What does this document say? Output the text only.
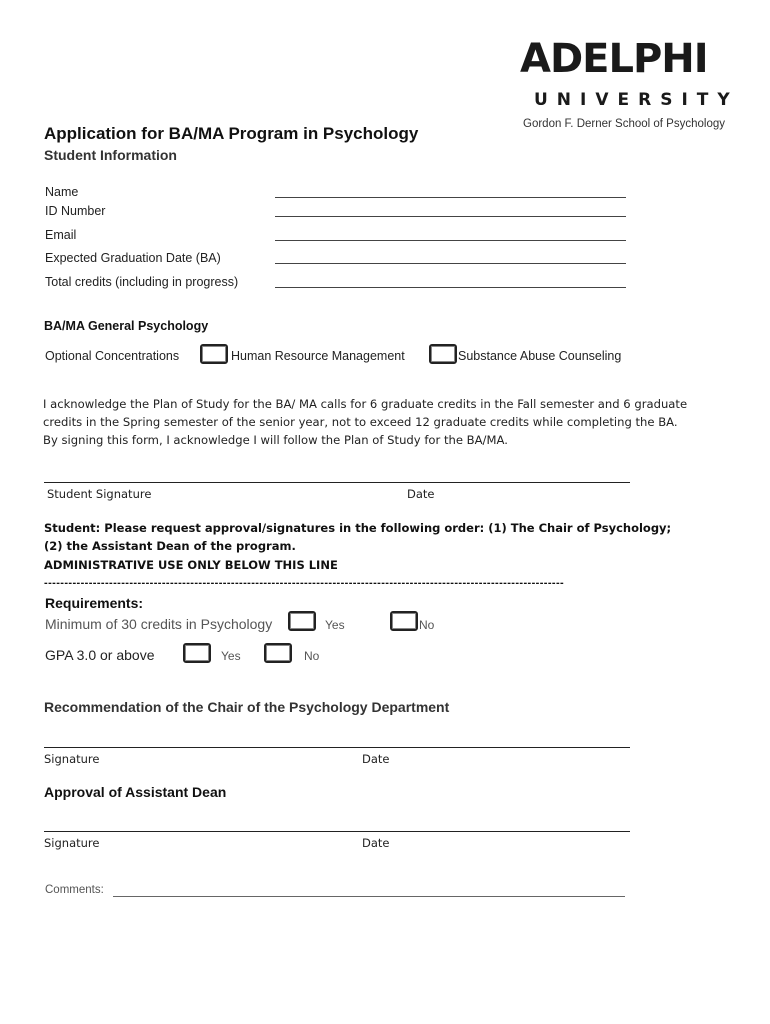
ADELPHI
UNIVERSITY
Gordon F. Derner School of Psychology
Application for BA/MA Program in Psychology
Student Information
Name
ID Number
Email
Expected Graduation Date (BA)
Total credits (including in progress)
BA/MA General Psychology
Optional Concentrations	Human Resource Management	Substance Abuse Counseling
I acknowledge the Plan of Study for the BA/ MA calls for 6 graduate credits in the Fall semester and 6 graduate
credits in the Spring semester of the senior year, not to exceed 12 graduate credits while completing the BA.
By signing this form, I acknowledge I will follow the Plan of Study for the BA/MA.
Student Signature	Date
Student: Please request approval/signatures in the following order: (1) The Chair of Psychology;
(2) the Assistant Dean of the program.
ADMINISTRATIVE USE ONLY BELOW THIS LINE
--------------------------------------------------------------------------------------------------------------------------------
Requirements:
Minimum of 30 credits in Psychology	Yes	No
GPA 3.0 or above	Yes	No
Recommendation of the Chair of the Psychology Department
Signature	Date
Approval of Assistant Dean
Signature	Date
Comments:
